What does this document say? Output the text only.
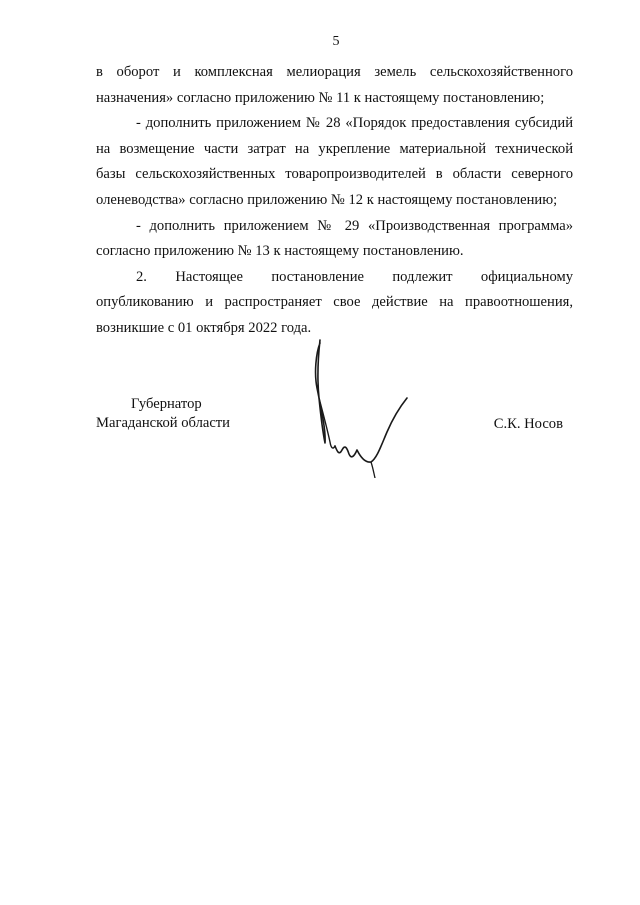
5

в оборот и комплексная мелиорация земель сельскохозяйственного
назначения» согласно приложению № 11 к настоящему постановлению;

- дополнить приложением № 28 «Порядок предоставления субсидий
на возмещение части затрат на укрепление материальной технической
базы сельскохозяйственных товаропроизводителей в области северного
оленеводства» согласно приложению № 12 к настоящему постановлению;

- дополнить приложением № 29 «Производственная программа»
согласно приложению № 13 к настоящему постановлению.

2. Настоящее постановление подлежит официальному
опубликованию и распространяет свое действие на правоотношения,
возникшие с 01 октября 2022 года.

Губернатор
Магаданской области	С.К. Носов
